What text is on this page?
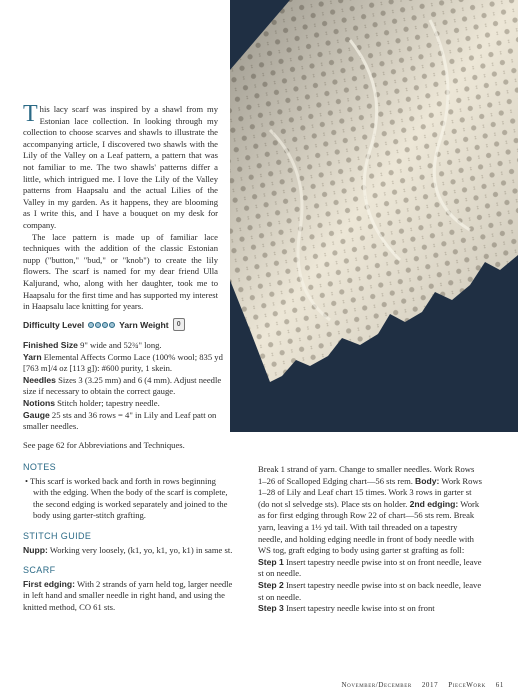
This lacy scarf was inspired by a shawl from my Estonian lace collection. In looking through my collection to choose scarves and shawls to illustrate the accompanying article, I discovered two shawls with the Lily of the Valley on a Leaf pattern, a pattern that was not familiar to me. The two shawls' patterns differ a little, which intrigued me. I love the Lily of the Valley patterns from Haapsalu and the actual Lilies of the Valley in my garden. As it happens, they are blooming as I write this, and I have a bouquet on my desk for company.

The lace pattern is made up of familiar lace techniques with the addition of the classic Estonian nupp ("button," "bud," or "knob") to create the lily flowers. The scarf is named for my dear friend Ulla Kaljurand, who, along with her daughter, took me to Haapsalu for the first time and has supported my interest in Haapsalu lace knitting for years.

Difficulty Level	Yarn Weight	0

Finished Size 9" wide and 52¾" long.

Yarn Elemental Affects Cormo Lace (100% wool; 835 yd [763 m]/4 oz [113 g]): #600 purity, 1 skein.

Needles Sizes 3 (3.25 mm) and 6 (4 mm). Adjust needle size if necessary to obtain the correct gauge.

Notions Stitch holder; tapestry needle.

Gauge 25 sts and 36 rows = 4" in Lily and Leaf patt on smaller needles.

See page 62 for Abbreviations and Techniques.
NOTES

• This scarf is worked back and forth in rows beginning with the edging. When the body of the scarf is complete, the second edging is worked separately and joined to the body using garter-stitch grafting.

STITCH GUIDE

Nupp: Working very loosely, (k1, yo, k1, yo, k1) in same st.

SCARF

First edging: With 2 strands of yarn held tog, larger needle in left hand and smaller needle in right hand, and using the knitted method, CO 61 sts.

Break 1 strand of yarn. Change to smaller needles. Work Rows 1–26 of Scalloped Edging chart—56 sts rem. Body: Work Rows 1–28 of Lily and Leaf chart 15 times. Work 3 rows in garter st (do not sl selvedge sts). Place sts on holder. 2nd edging: Work as for first edging through Row 22 of chart—56 sts rem. Break yarn, leaving a 1½ yd tail. With tail threaded on a tapestry needle, and holding edging needle in front of body needle with WS tog, graft edging to body using garter st grafting as foll:

Step 1 Insert tapestry needle pwise into st on front needle, leave st on needle.

Step 2 Insert tapestry needle pwise into st on back needle, leave st on needle.

Step 3 Insert tapestry needle kwise into st on front

November/December 2017 PieceWork 61
